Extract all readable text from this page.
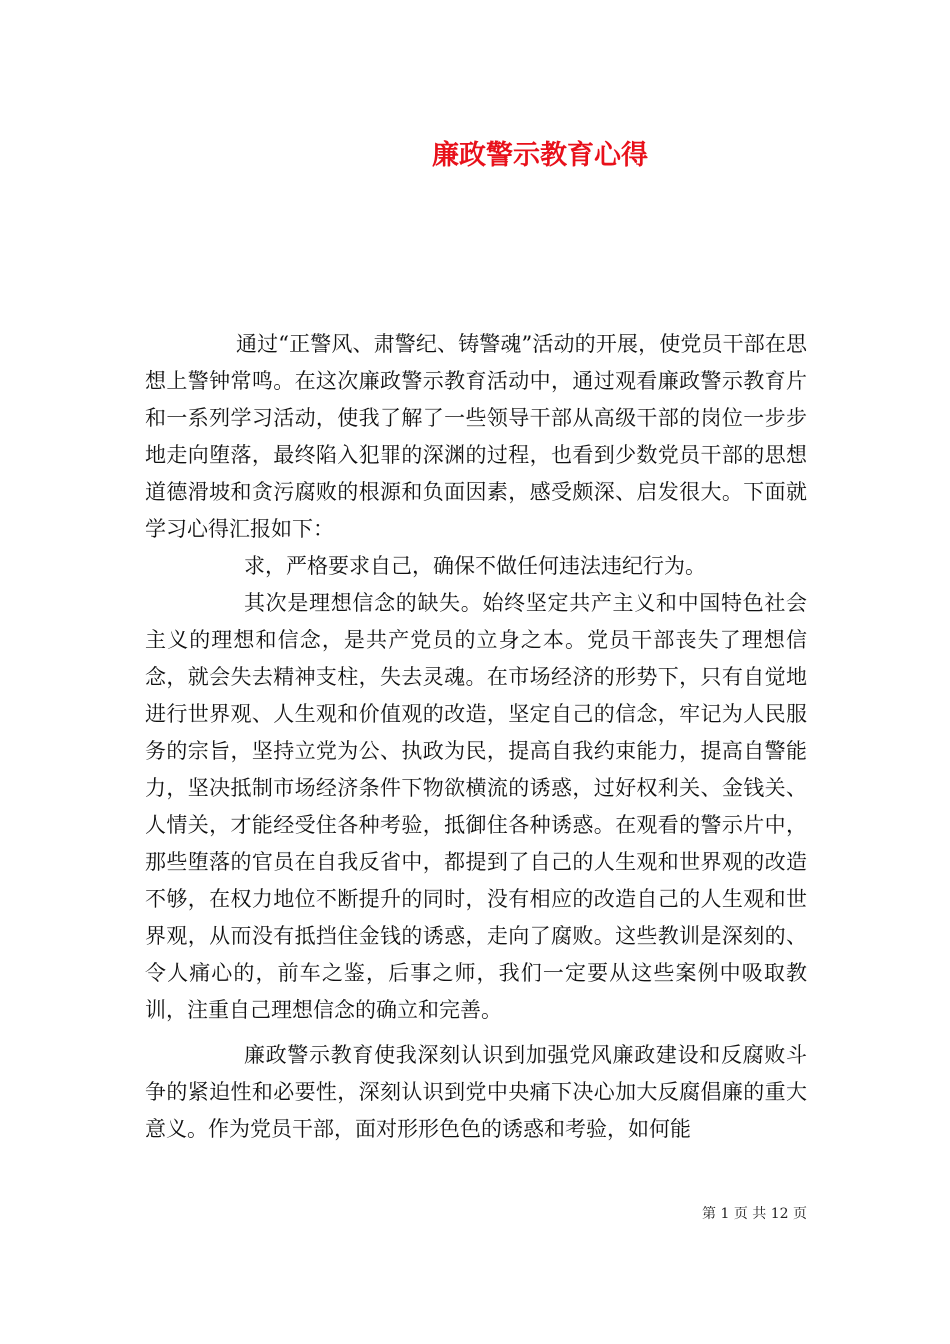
廉政警示教育心得

通过“正警风、肃警纪、铸警魂”活动的开展，使党员干部在思想上警钟常鸣。在这次廉政警示教育活动中，通过观看廉政警示教育片和一系列学习活动，使我了解了一些领导干部从高级干部的岗位一步步地走向堕落，最终陷入犯罪的深渊的过程，也看到少数党员干部的思想道德滑坡和贪污腐败的根源和负面因素，感受颇深、启发很大。下面就学习心得汇报如下：

求，严格要求自己，确保不做任何违法违纪行为。

其次是理想信念的缺失。始终坚定共产主义和中国特色社会主义的理想和信念，是共产党员的立身之本。党员干部丧失了理想信念，就会失去精神支柱，失去灵魂。在市场经济的形势下，只有自觉地进行世界观、人生观和价值观的改造，坚定自己的信念，牢记为人民服务的宗旨，坚持立党为公、执政为民，提高自我约束能力，提高自警能力，坚决抵制市场经济条件下物欲横流的诱惑，过好权利关、金钱关、人情关，才能经受住各种考验，抵御住各种诱惑。在观看的警示片中，那些堕落的官员在自我反省中，都提到了自己的人生观和世界观的改造不够，在权力地位不断提升的同时，没有相应的改造自己的人生观和世界观，从而没有抵挡住金钱的诱惑，走向了腐败。这些教训是深刻的、令人痛心的，前车之鉴，后事之师，我们一定要从这些案例中吸取教训，注重自己理想信念的确立和完善。

廉政警示教育使我深刻认识到加强党风廉政建设和反腐败斗争的紧迫性和必要性，深刻认识到党中央痛下决心加大反腐倡廉的重大意义。作为党员干部，面对形形色色的诱惑和考验，如何能

第 1 页 共 12 页
